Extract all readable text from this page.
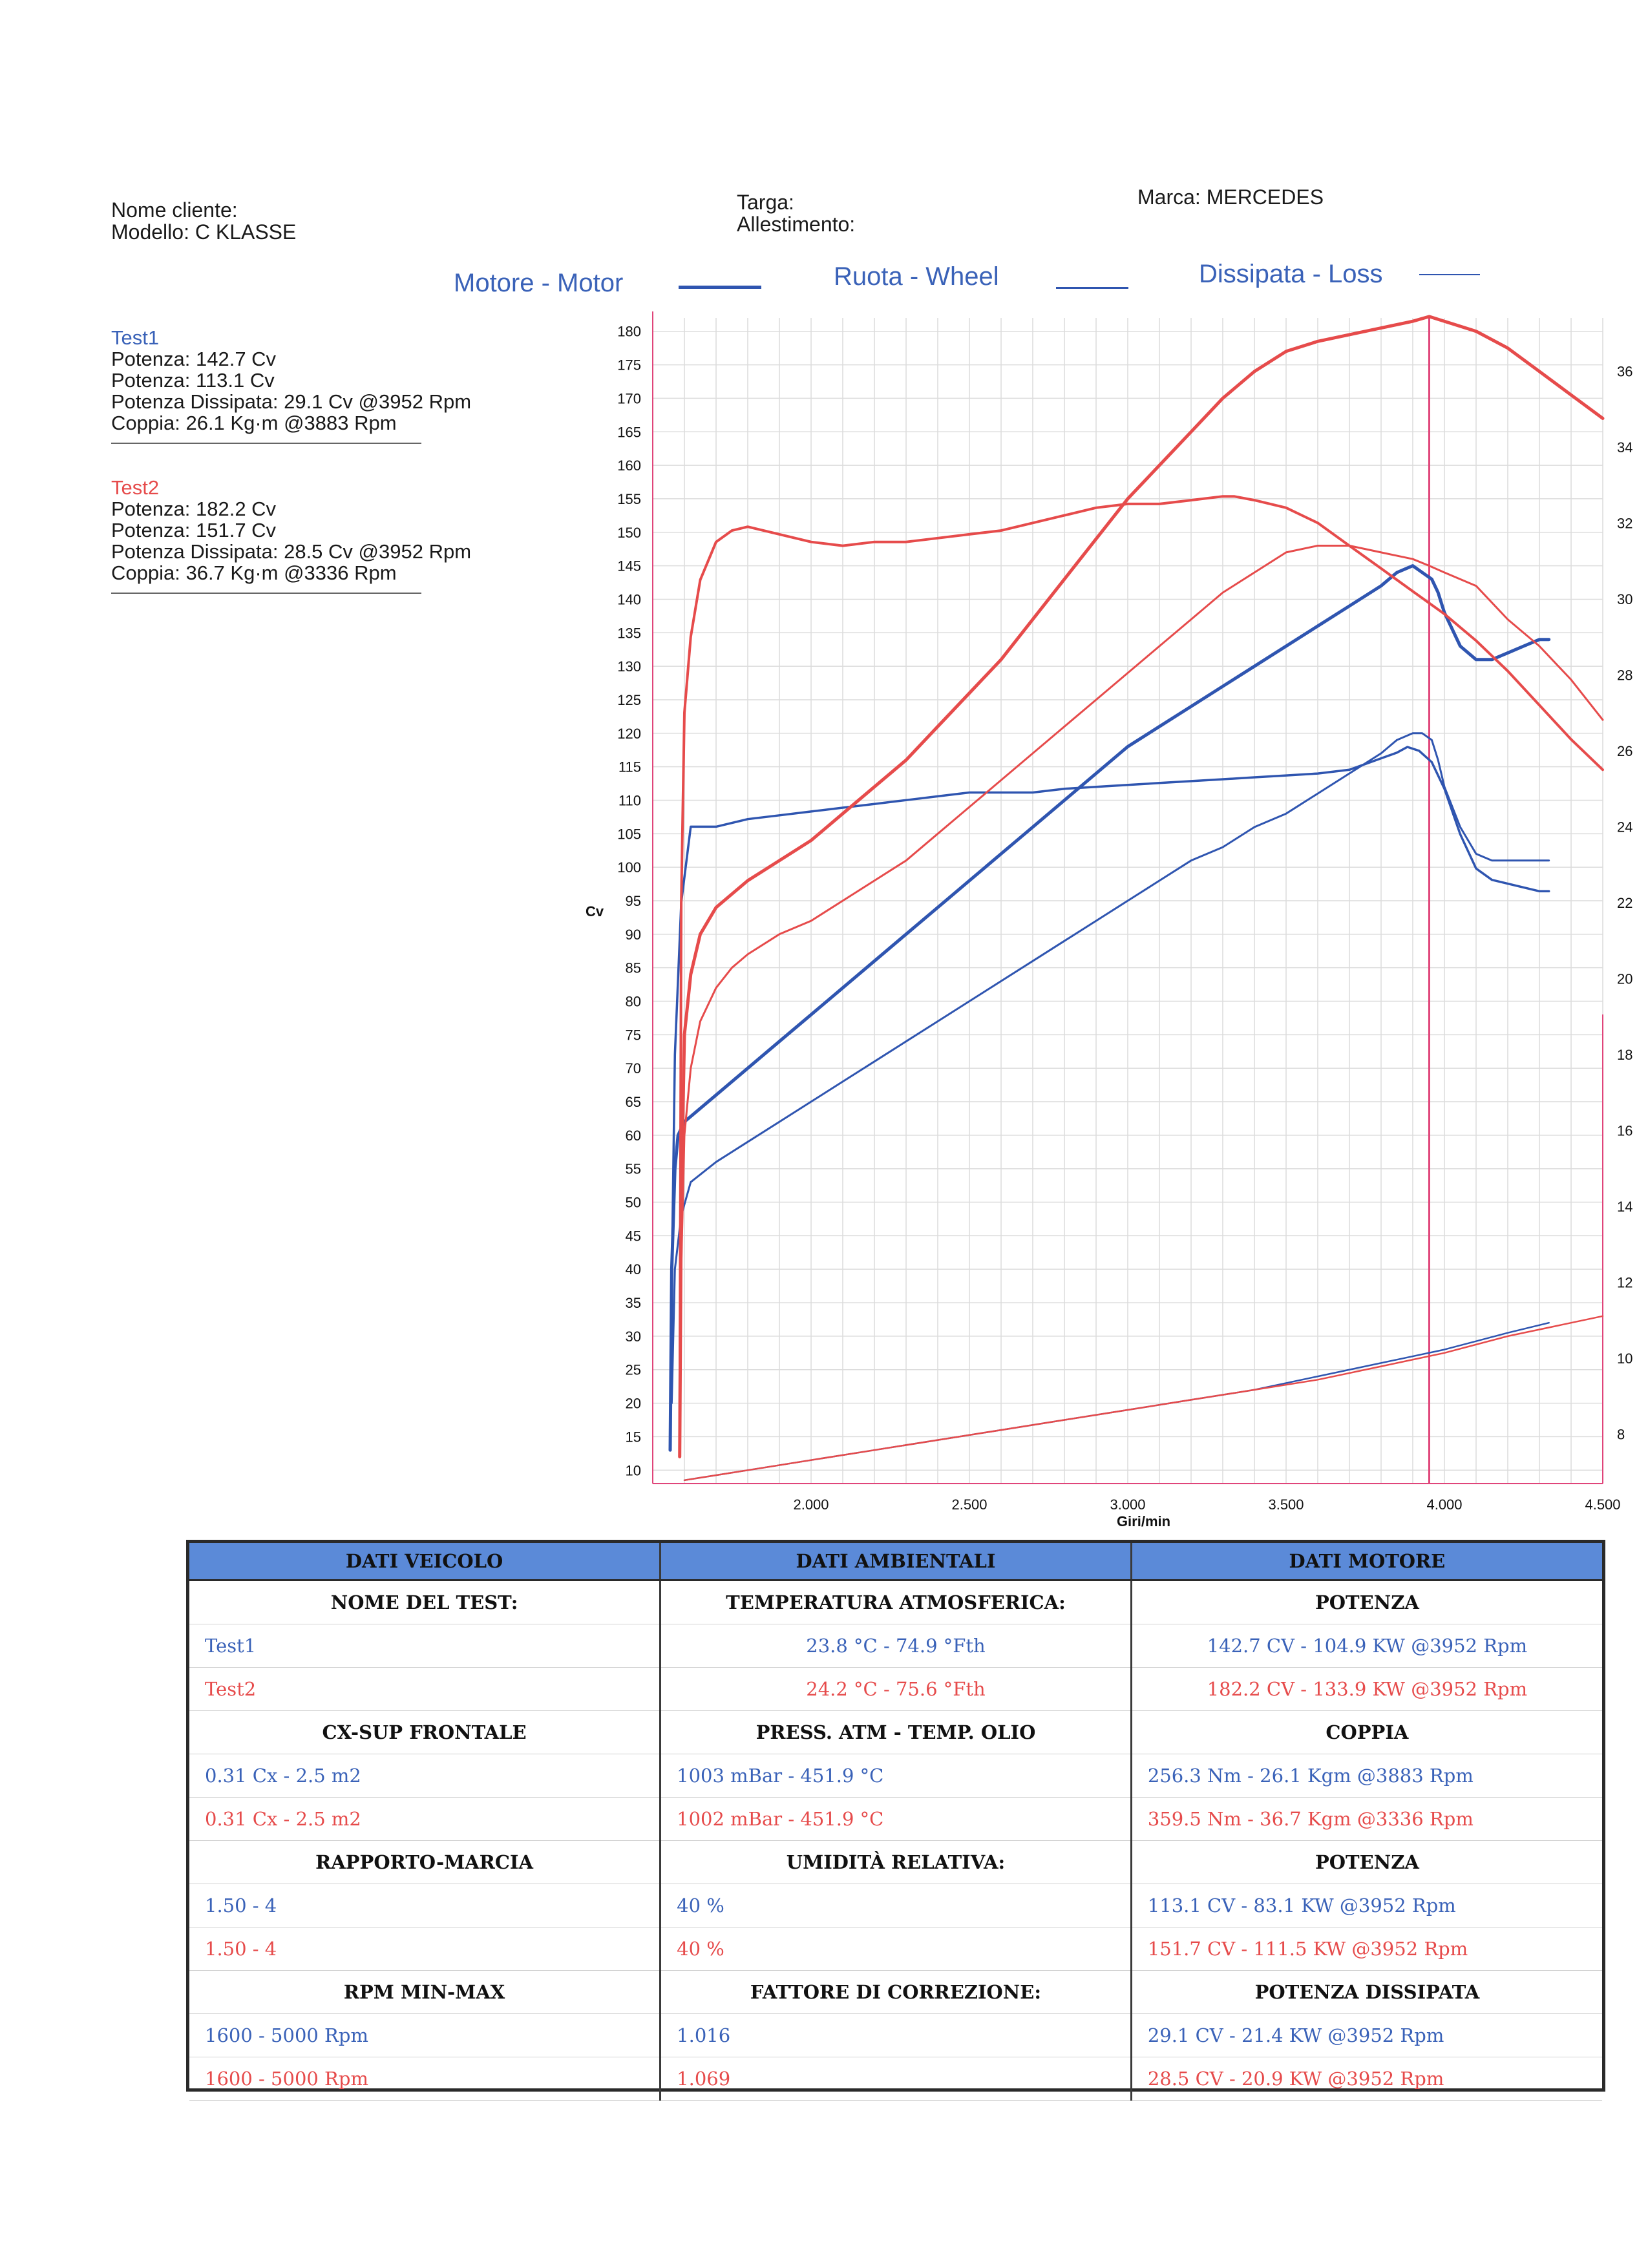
Nome cliente:
Modello: C KLASSE
Targa:
Allestimento:
Marca: MERCEDES
Motore - Motor	Ruota - Wheel	Dissipata - Loss
Test1
Potenza: 142.7 Cv
Potenza: 113.1 Cv
Potenza Dissipata: 29.1 Cv @3952 Rpm
Coppia: 26.1 Kg·m @3883 Rpm
Test2
Potenza: 182.2 Cv
Potenza: 151.7 Cv
Potenza Dissipata: 28.5 Cv @3952 Rpm
Coppia: 36.7 Kg·m @3336 Rpm
10
15
20
25
30
35
40
45
50
55
60
65
70
75
80
85
90
95
100
105
110
115
120
125
130
135
140
145
150
155
160
165
170
175
180
2.000	2.500	3.000	3.500	4.000	4.500
8
10
12
14
16
18
20
22
24
26
28
30
32
34
36
Cv
Giri/min
DATI VEICOLO	DATI AMBIENTALI	DATI MOTORE
NOME DEL TEST:	TEMPERATURA ATMOSFERICA:	POTENZA
Test1	23.8 °C - 74.9 °Fth	142.7 CV - 104.9 KW @3952 Rpm
Test2	24.2 °C - 75.6 °Fth	182.2 CV - 133.9 KW @3952 Rpm
CX-SUP FRONTALE	PRESS. ATM - TEMP. OLIO	COPPIA
0.31 Cx - 2.5 m2	1003 mBar - 451.9 °C	256.3 Nm - 26.1 Kgm @3883 Rpm
0.31 Cx - 2.5 m2	1002 mBar - 451.9 °C	359.5 Nm - 36.7 Kgm @3336 Rpm
RAPPORTO-MARCIA	UMIDITÀ RELATIVA:	POTENZA
1.50 - 4	40 %	113.1 CV - 83.1 KW @3952 Rpm
1.50 - 4	40 %	151.7 CV - 111.5 KW @3952 Rpm
RPM MIN-MAX	FATTORE DI CORREZIONE:	POTENZA DISSIPATA
1600 - 5000 Rpm	1.016	29.1 CV - 21.4 KW @3952 Rpm
1600 - 5000 Rpm	1.069	28.5 CV - 20.9 KW @3952 Rpm
